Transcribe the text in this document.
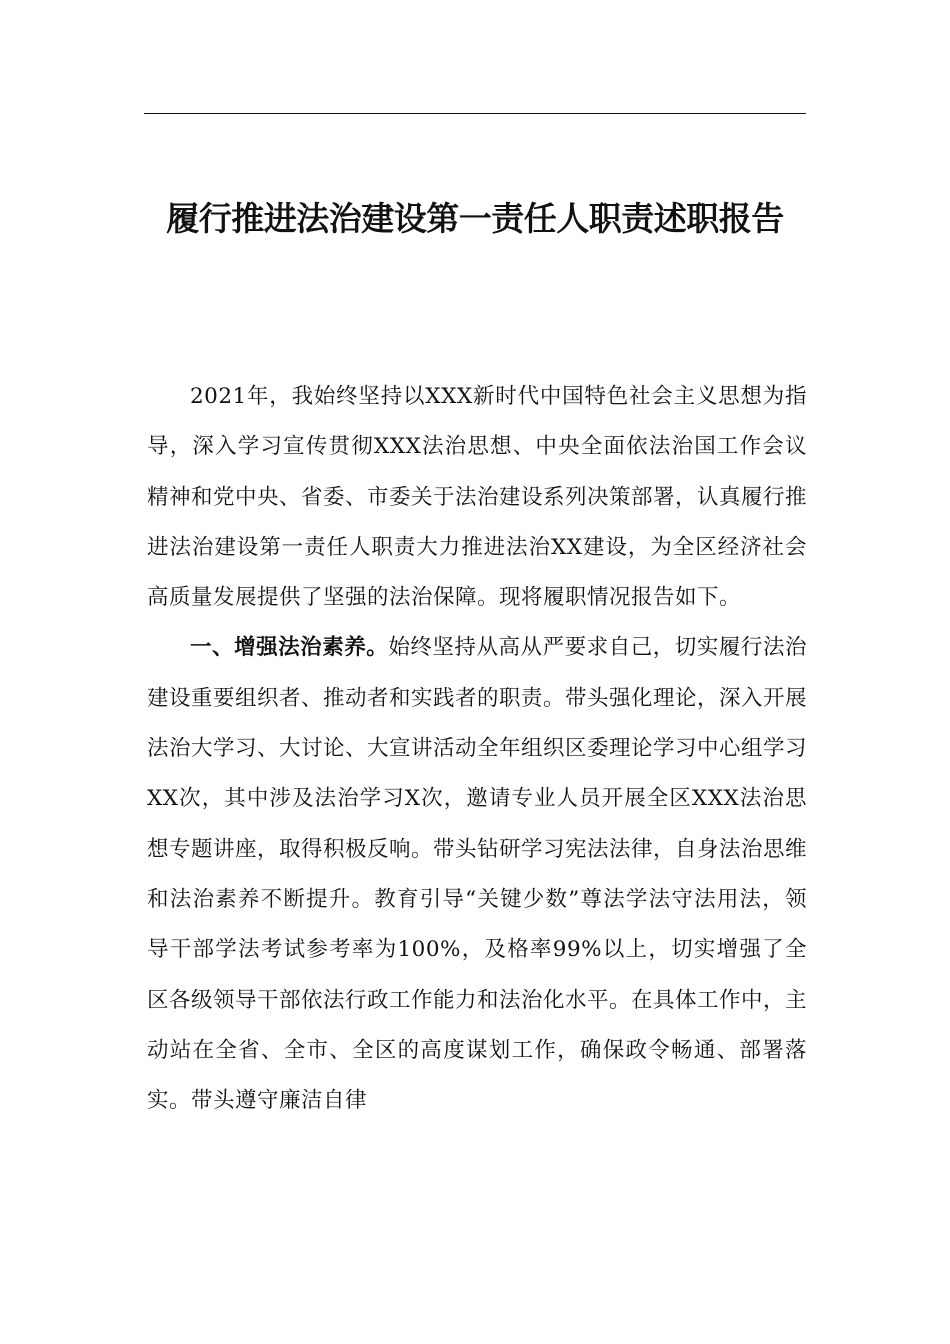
履行推进法治建设第一责任人职责述职报告

2021年，我始终坚持以XXX新时代中国特色社会主义思想为指导，深入学习宣传贯彻XXX法治思想、中央全面依法治国工作会议精神和党中央、省委、市委关于法治建设系列决策部署，认真履行推进法治建设第一责任人职责大力推进法治XX建设，为全区经济社会高质量发展提供了坚强的法治保障。现将履职情况报告如下。

一、增强法治素养。始终坚持从高从严要求自己，切实履行法治建设重要组织者、推动者和实践者的职责。带头强化理论，深入开展法治大学习、大讨论、大宣讲活动全年组织区委理论学习中心组学习XX次，其中涉及法治学习X次，邀请专业人员开展全区XXX法治思想专题讲座，取得积极反响。带头钻研学习宪法法律，自身法治思维和法治素养不断提升。教育引导“关键少数”尊法学法守法用法，领导干部学法考试参考率为100%，及格率99%以上，切实增强了全区各级领导干部依法行政工作能力和法治化水平。在具体工作中，主动站在全省、全市、全区的高度谋划工作，确保政令畅通、部署落实。带头遵守廉洁自律
